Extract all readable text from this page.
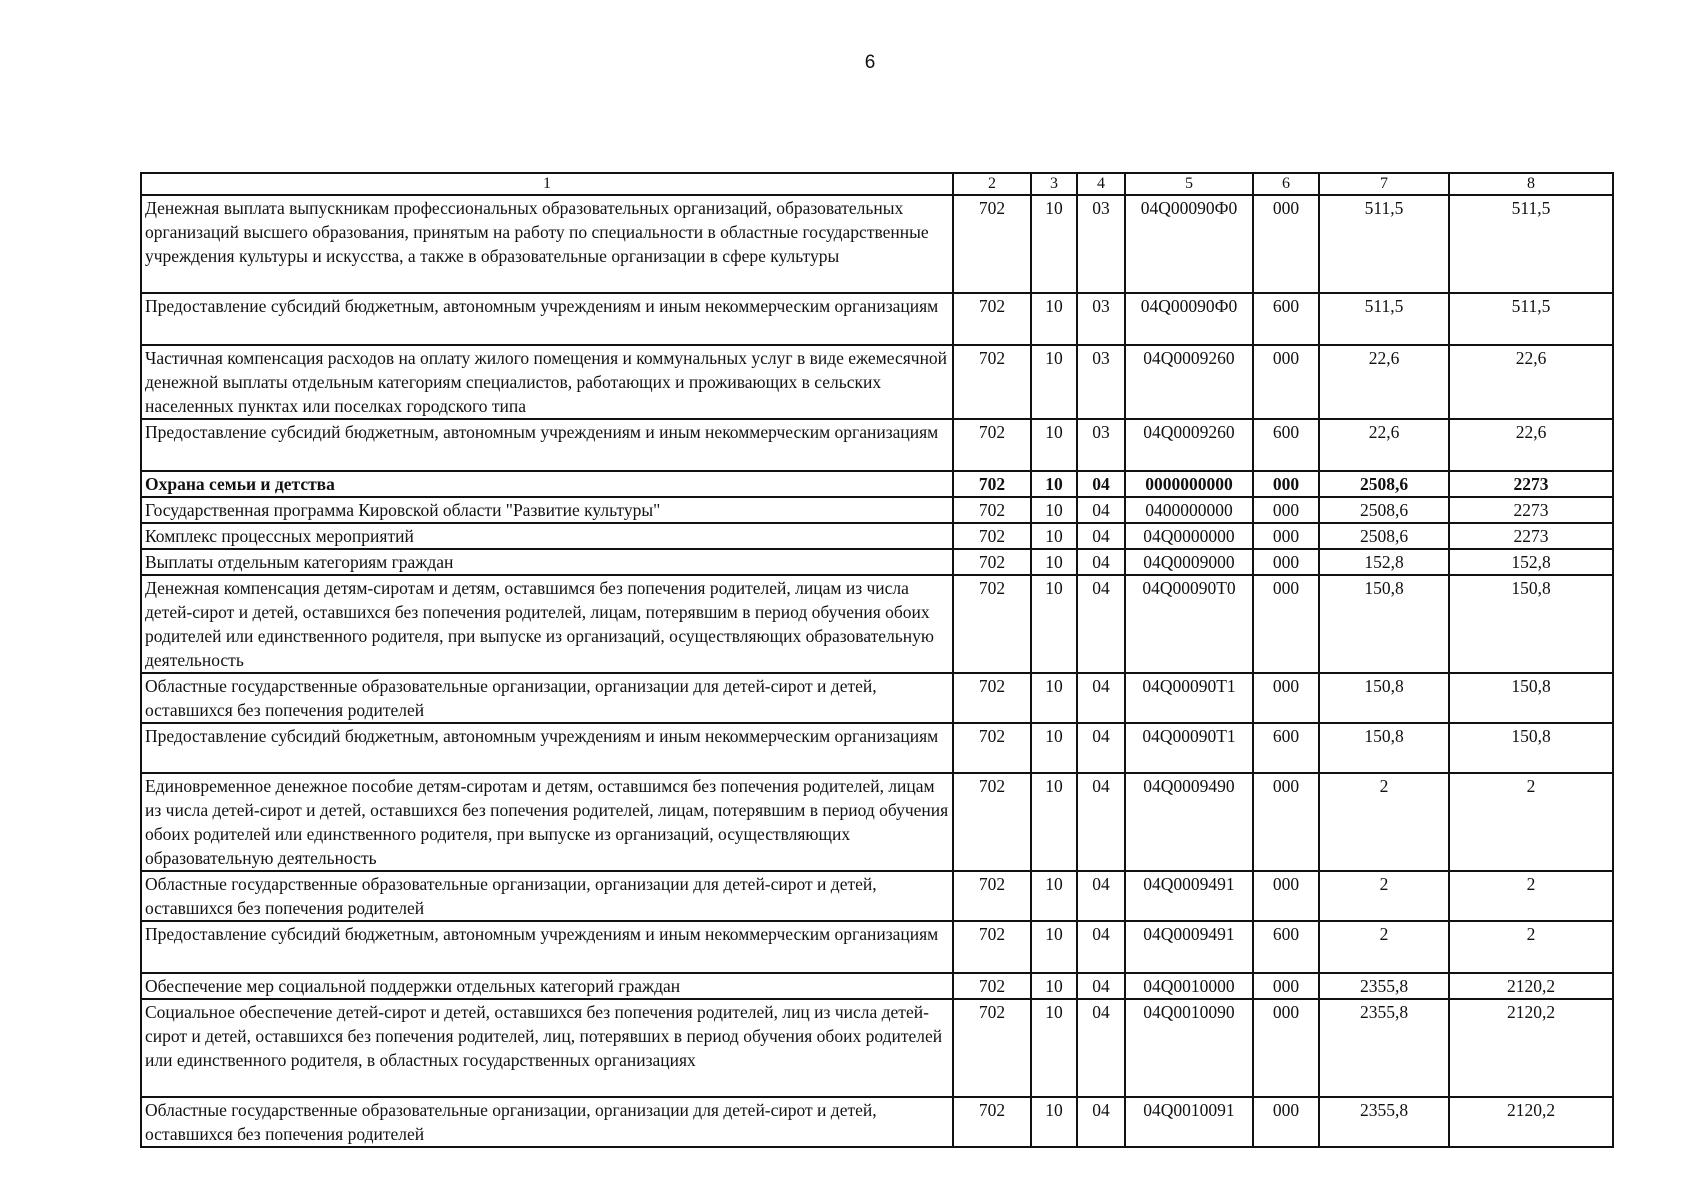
6
1	2	3	4	5	6	7	8
Денежная выплата выпускникам профессиональных образовательных организаций, образовательных организаций высшего образования, принятым на работу по специальности в областные государственные учреждения культуры и искусства, а также в образовательные организации в сфере культуры	702	10	03	04Q00090Ф0	000	511,5	511,5
Предоставление субсидий бюджетным, автономным учреждениям и иным некоммерческим организациям	702	10	03	04Q00090Ф0	600	511,5	511,5
Частичная компенсация расходов на оплату жилого помещения и коммунальных услуг в виде ежемесячной денежной выплаты отдельным категориям специалистов, работающих и проживающих в сельских населенных пунктах или поселках городского типа	702	10	03	04Q0009260	000	22,6	22,6
Предоставление субсидий бюджетным, автономным учреждениям и иным некоммерческим организациям	702	10	03	04Q0009260	600	22,6	22,6
Охрана семьи и детства	702	10	04	0000000000	000	2508,6	2273
Государственная программа Кировской области "Развитие культуры"	702	10	04	0400000000	000	2508,6	2273
Комплекс процессных мероприятий	702	10	04	04Q0000000	000	2508,6	2273
Выплаты отдельным категориям граждан	702	10	04	04Q0009000	000	152,8	152,8
Денежная компенсация детям-сиротам и детям, оставшимся без попечения родителей, лицам из числа детей-сирот и детей, оставшихся без попечения родителей, лицам, потерявшим в период обучения обоих родителей или единственного родителя, при выпуске из организаций, осуществляющих образовательную деятельность	702	10	04	04Q00090Т0	000	150,8	150,8
Областные государственные образовательные организации, организации для детей-сирот и детей, оставшихся без попечения родителей	702	10	04	04Q00090Т1	000	150,8	150,8
Предоставление субсидий бюджетным, автономным учреждениям и иным некоммерческим организациям	702	10	04	04Q00090Т1	600	150,8	150,8
Единовременное денежное пособие детям-сиротам и детям, оставшимся без попечения родителей, лицам из числа детей-сирот и детей, оставшихся без попечения родителей, лицам, потерявшим в период обучения обоих родителей или единственного родителя, при выпуске из организаций, осуществляющих образовательную деятельность	702	10	04	04Q0009490	000	2	2
Областные государственные образовательные организации, организации для детей-сирот и детей, оставшихся без попечения родителей	702	10	04	04Q0009491	000	2	2
Предоставление субсидий бюджетным, автономным учреждениям и иным некоммерческим организациям	702	10	04	04Q0009491	600	2	2
Обеспечение мер социальной поддержки отдельных категорий граждан	702	10	04	04Q0010000	000	2355,8	2120,2
Социальное обеспечение детей-сирот и детей, оставшихся без попечения родителей, лиц из числа детей-сирот и детей, оставшихся без попечения родителей, лиц, потерявших в период обучения обоих родителей или единственного родителя, в областных государственных организациях	702	10	04	04Q0010090	000	2355,8	2120,2
Областные государственные образовательные организации, организации для детей-сирот и детей, оставшихся без попечения родителей	702	10	04	04Q0010091	000	2355,8	2120,2
